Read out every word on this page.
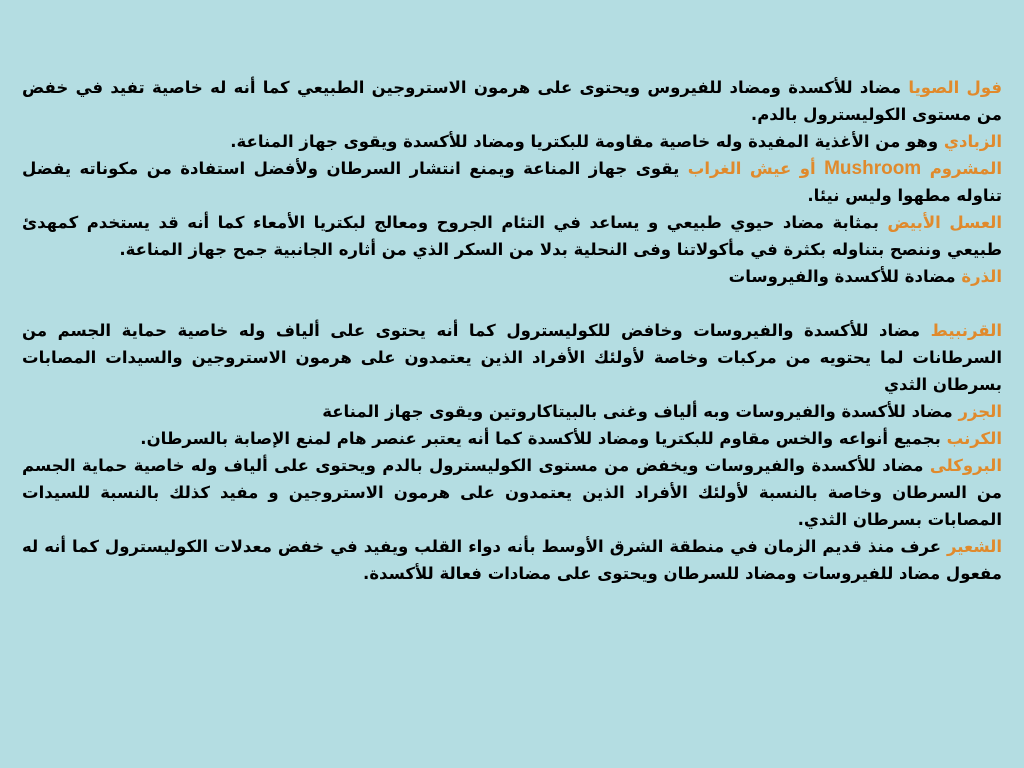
فول الصويا مضاد للأكسدة ومضاد للفيروس ويحتوى على هرمون الاستروجين الطبيعي كما أنه له خاصية تفيد في خفض من مستوى الكوليسترول بالدم.

الزبادي وهو من الأغذية المفيدة وله خاصية مقاومة للبكتريا ومضاد للأكسدة ويقوى جهاز المناعة.

المشروم Mushroom أو عيش الغراب يقوى جهاز المناعة ويمنع انتشار السرطان ولأفضل استفادة من مكوناته يفضل تناوله مطهوا وليس نيئا.

العسل الأبيض بمثابة مضاد حيوي طبيعي و يساعد في التئام الجروح ومعالج لبكتريا الأمعاء كما أنه قد يستخدم كمهدئ طبيعي وننصح بتناوله بكثرة في مأكولاتنا وفى النحلية بدلا من السكر الذي من أثاره الجانبية جمح جهاز المناعة.

الذرة مضادة للأكسدة والفيروسات

القرنبيط مضاد للأكسدة والفيروسات وخافض للكوليسترول كما أنه يحتوى على ألياف وله خاصية حماية الجسم من السرطانات لما يحتويه من مركبات وخاصة لأولئك الأفراد الذين يعتمدون على هرمون الاستروجين والسيدات المصابات بسرطان الثدي

الجزر مضاد للأكسدة والفيروسات وبه ألياف وغنى بالبيتاكاروتين ويقوى جهاز المناعة

الكرنب بجميع أنواعه والخس مقاوم للبكتريا ومضاد للأكسدة كما أنه يعتبر عنصر هام لمنع الإصابة بالسرطان.

البروكلى مضاد للأكسدة والفيروسات ويخفض من مستوى الكوليسترول بالدم ويحتوى على ألياف وله خاصية حماية الجسم من السرطان وخاصة بالنسبة لأولئك الأفراد الذين يعتمدون على هرمون الاستروجين و مفيد كذلك بالنسبة للسيدات المصابات بسرطان الثدي.

الشعير عرف منذ قديم الزمان في منطقة الشرق الأوسط بأنه دواء القلب ويفيد في خفض معدلات الكوليسترول كما أنه له مفعول مضاد للفيروسات ومضاد للسرطان ويحتوى على مضادات فعالة للأكسدة.
